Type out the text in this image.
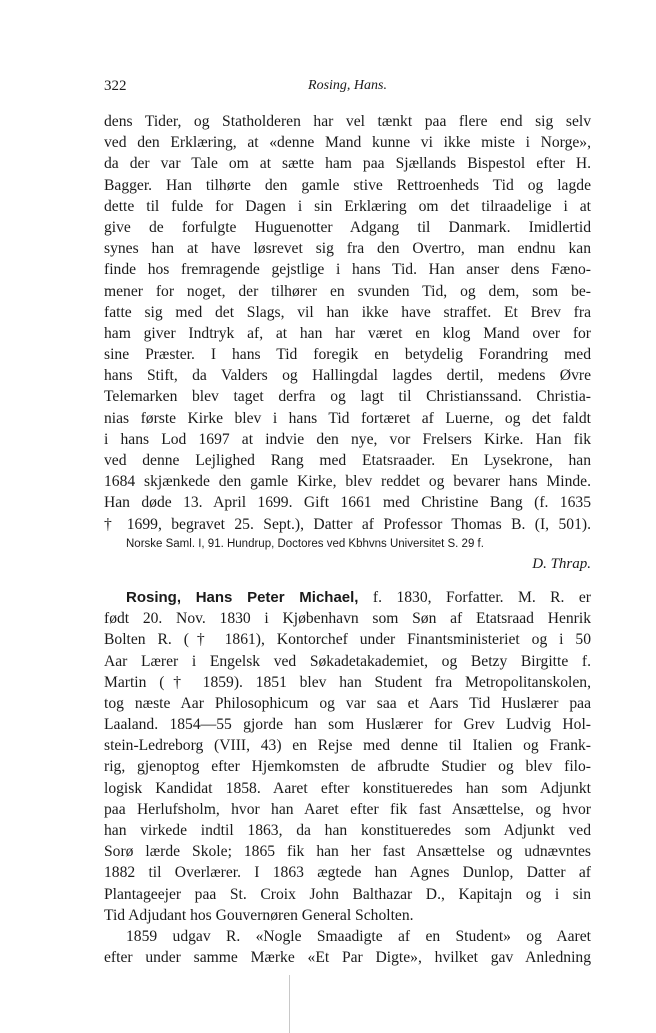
322	Rosing, Hans.
dens Tider, og Statholderen har vel tænkt paa flere end sig selv
ved den Erklæring, at «denne Mand kunne vi ikke miste i Norge»,
da der var Tale om at sætte ham paa Sjællands Bispestol efter H.
Bagger. Han tilhørte den gamle stive Rettroenheds Tid og lagde
dette til fulde for Dagen i sin Erklæring om det tilraadelige i at
give de forfulgte Huguenotter Adgang til Danmark. Imidlertid
synes han at have løsrevet sig fra den Overtro, man endnu kan
finde hos fremragende gejstlige i hans Tid. Han anser dens Fæno-
mener for noget, der tilhører en svunden Tid, og dem, som be-
fatte sig med det Slags, vil han ikke have straffet. Et Brev fra
ham giver Indtryk af, at han har været en klog Mand over for
sine Præster. I hans Tid foregik en betydelig Forandring med
hans Stift, da Valders og Hallingdal lagdes dertil, medens Øvre
Telemarken blev taget derfra og lagt til Christianssand. Christia-
nias første Kirke blev i hans Tid fortæret af Luerne, og det faldt
i hans Lod 1697 at indvie den nye, vor Frelsers Kirke. Han fik
ved denne Lejlighed Rang med Etatsraader. En Lysekrone, han
1684 skjænkede den gamle Kirke, blev reddet og bevarer hans Minde.
Han døde 13. April 1699. Gift 1661 med Christine Bang (f. 1635
† 1699, begravet 25. Sept.), Datter af Professor Thomas B. (I, 501).
Norske Saml. I, 91. Hundrup, Doctores ved Kbhvns Universitet S. 29 f.
D. Thrap.
Rosing, Hans Peter Michael, f. 1830, Forfatter. M. R. er
født 20. Nov. 1830 i Kjøbenhavn som Søn af Etatsraad Henrik
Bolten R. († 1861), Kontorchef under Finantsministeriet og i 50
Aar Lærer i Engelsk ved Søkadetakademiet, og Betzy Birgitte f.
Martin († 1859). 1851 blev han Student fra Metropolitanskolen,
tog næste Aar Philosophicum og var saa et Aars Tid Huslærer paa
Laaland. 1854—55 gjorde han som Huslærer for Grev Ludvig Hol-
stein-Ledreborg (VIII, 43) en Rejse med denne til Italien og Frank-
rig, gjenoptog efter Hjemkomsten de afbrudte Studier og blev filo-
logisk Kandidat 1858. Aaret efter konstitueredes han som Adjunkt
paa Herlufsholm, hvor han Aaret efter fik fast Ansættelse, og hvor
han virkede indtil 1863, da han konstitueredes som Adjunkt ved
Sorø lærde Skole; 1865 fik han her fast Ansættelse og udnævntes
1882 til Overlærer. I 1863 ægtede han Agnes Dunlop, Datter af
Plantageejer paa St. Croix John Balthazar D., Kapitajn og i sin
Tid Adjudant hos Gouvernøren General Scholten.
1859 udgav R. «Nogle Smaadigte af en Student» og Aaret
efter under samme Mærke «Et Par Digte», hvilket gav Anledning
